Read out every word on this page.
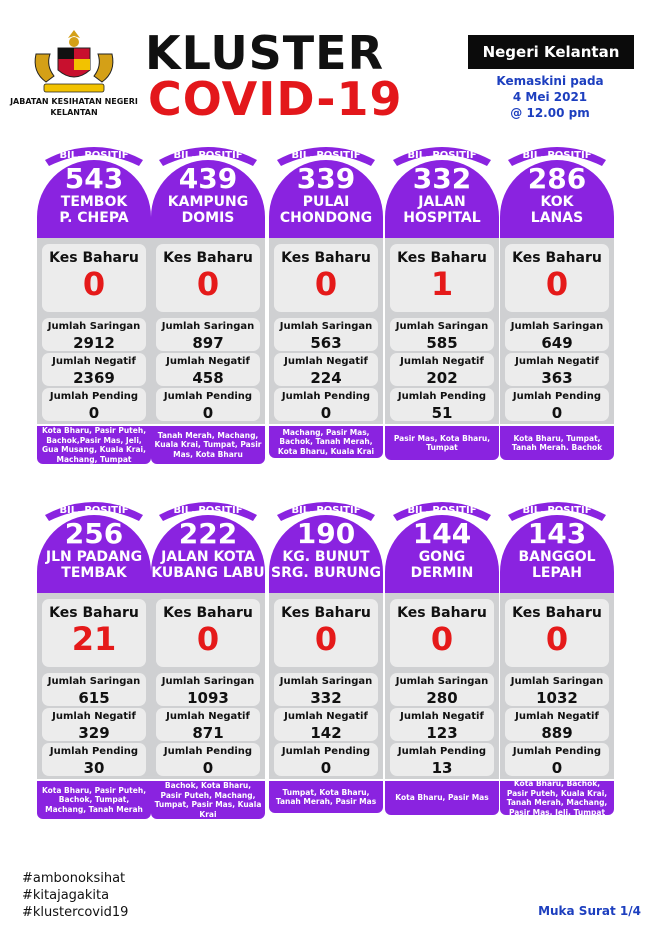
JABATAN KESIHATAN NEGERI KELANTAN
KLUSTER
COVID-19
Negeri Kelantan
Kemaskini pada
4 Mei 2021
@ 12.00 pm
BIL. POSITIF
543
TEMBOK
P. CHEPA
Kes Baharu
0
Jumlah Saringan
2912
Jumlah Negatif
2369
Jumlah Pending
0
Kota Bharu, Pasir Puteh, Bachok,Pasir Mas, Jeli, Gua Musang, Kuala Krai, Machang, Tumpat
BIL. POSITIF
439
KAMPUNG
DOMIS
Kes Baharu
0
Jumlah Saringan
897
Jumlah Negatif
458
Jumlah Pending
0
Tanah Merah, Machang, Kuala Krai, Tumpat, Pasir Mas, Kota Bharu
BIL. POSITIF
339
PULAI
CHONDONG
Kes Baharu
0
Jumlah Saringan
563
Jumlah Negatif
224
Jumlah Pending
0
Machang, Pasir Mas, Bachok, Tanah Merah, Kota Bharu, Kuala Krai
BIL. POSITIF
332
JALAN
HOSPITAL
Kes Baharu
1
Jumlah Saringan
585
Jumlah Negatif
202
Jumlah Pending
51
Pasir Mas, Kota Bharu, Tumpat
BIL. POSITIF
286
KOK
LANAS
Kes Baharu
0
Jumlah Saringan
649
Jumlah Negatif
363
Jumlah Pending
0
Kota Bharu, Tumpat, Tanah Merah. Bachok
BIL. POSITIF
256
JLN PADANG
TEMBAK
Kes Baharu
21
Jumlah Saringan
615
Jumlah Negatif
329
Jumlah Pending
30
Kota Bharu, Pasir Puteh, Bachok, Tumpat, Machang, Tanah Merah
BIL. POSITIF
222
JALAN KOTA
KUBANG LABU
Kes Baharu
0
Jumlah Saringan
1093
Jumlah Negatif
871
Jumlah Pending
0
Bachok, Kota Bharu, Pasir Puteh, Machang, Tumpat, Pasir Mas, Kuala Krai
BIL. POSITIF
190
KG. BUNUT
SRG. BURUNG
Kes Baharu
0
Jumlah Saringan
332
Jumlah Negatif
142
Jumlah Pending
0
Tumpat, Kota Bharu, Tanah Merah, Pasir Mas
BIL. POSITIF
144
GONG
DERMIN
Kes Baharu
0
Jumlah Saringan
280
Jumlah Negatif
123
Jumlah Pending
13
Kota Bharu, Pasir Mas
BIL. POSITIF
143
BANGGOL
LEPAH
Kes Baharu
0
Jumlah Saringan
1032
Jumlah Negatif
889
Jumlah Pending
0
Kota Bharu, Bachok, Pasir Puteh, Kuala Krai, Tanah Merah, Machang, Pasir Mas, Jeli, Tumpat
#ambonoksihat
#kitajagakita
#klustercovid19	Muka Surat 1/4
